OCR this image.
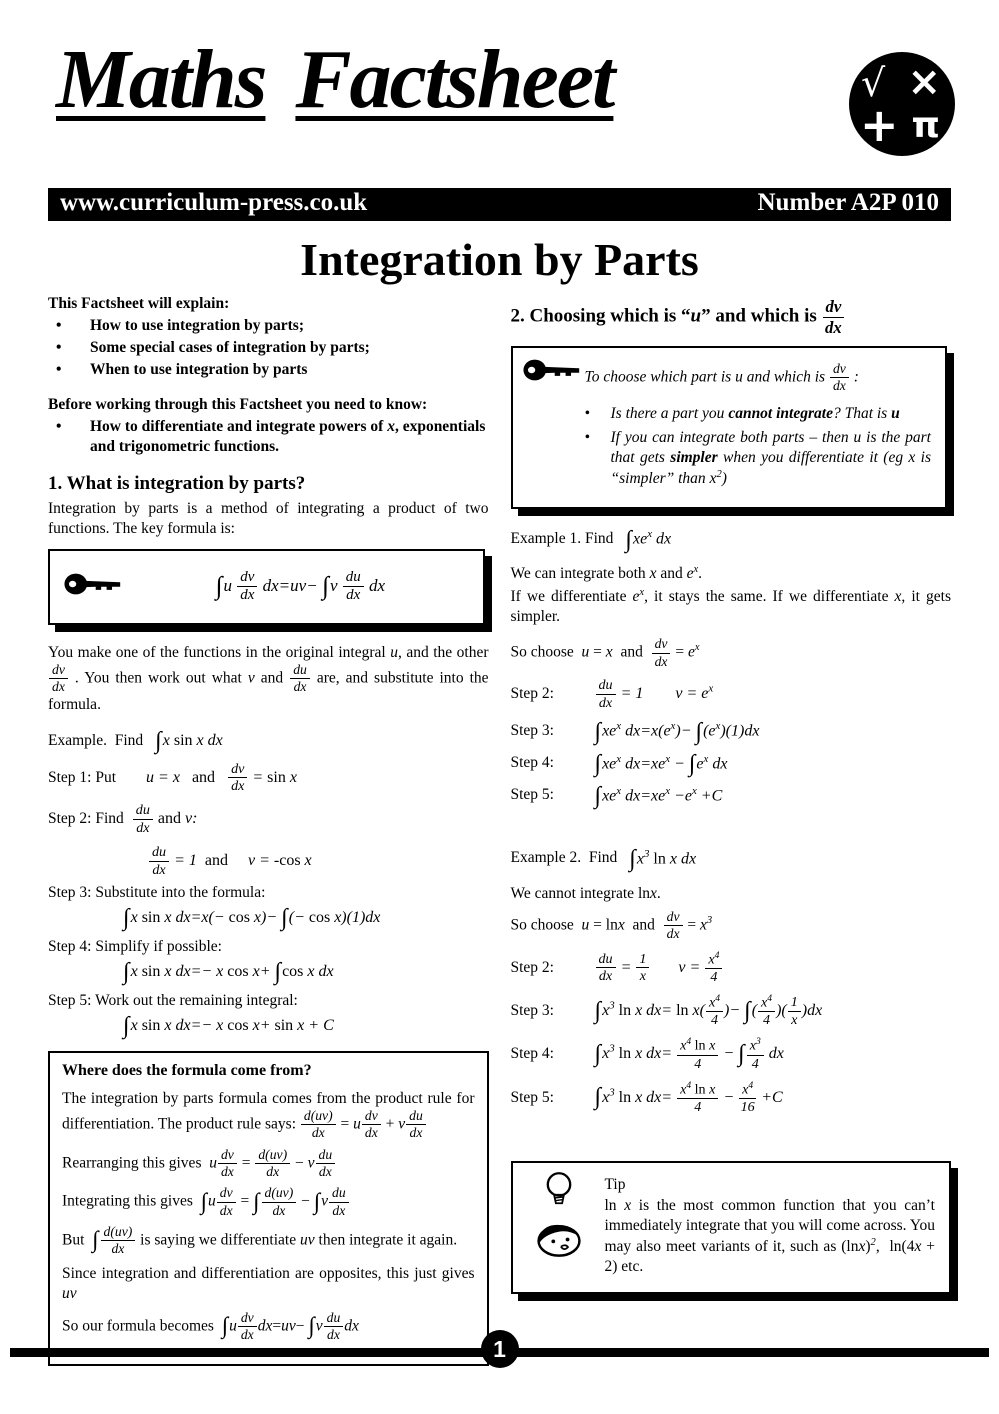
Maths Factsheet	√ ×
+ π
www.curriculum-press.co.uk	Number A2P 010
Integration by Parts
This Factsheet will explain:
•	How to use integration by parts;
•	Some special cases of integration by parts;
•	When to use integration by parts
Before working through this Factsheet you need to know:
•	How to differentiate and integrate powers of x, exponentials and trigonometric functions.
1. What is integration by parts?

Integration by parts is a method of integrating a product of two functions. The key formula is:

$\int u \frac{dv}{dx} dx=uv- \int v \frac{du}{dx}$ dx

You make one of the functions in the original integral u, and the other
$\frac{dv}{dx}$ . You then work out what v and $\frac{du}{dx}$ are, and substitute into the formula.

Example.  Find ∫x sin x dx
Step 1: Put u = x   and $\frac{dv}{dx} = \sin x$
Step 2: Find $\frac{du}{dx}$ and v:
$\frac{du}{dx} = 1$  and     v = -cos x
Step 3: Substitute into the formula:
∫x sin x dx=x(− cos x)− ∫(− cos x)(1)dx
Step 4: Simplify if possible:
∫x sin x dx=− x cos x+ ∫cos x dx
Step 5: Work out the remaining integral:
∫x sin x dx=− x cos x+ sin x + C
Where does the formula come from?

The integration by parts formula comes from the product rule for differentiation. The product rule says: $\frac{d(uv)}{dx} = u \frac{dv}{dx} + v \frac{du}{dx}$

Rearranging this gives  u $\frac{dv}{dx} = \frac{d(uv)}{dx} - v \frac{du}{dx}$

Integrating this gives  $\int u \frac{dv}{dx}$ = ∫ $\frac{d(uv)}{dx} - \int v \frac{du}{dx}$

But  ∫ $\frac{d(uv)}{dx}$ is saying we differentiate uv then integrate it again.

Since integration and differentiation are opposites, this just gives uv

So our formula becomes  $\int u \frac{dv}{dx} dx=uv- \int v \frac{du}{dx}$ dx

2. Choosing which is “u” and which is $\frac{dv}{dx}$
To choose which part is u and which is $\frac{dv}{dx}$ :
•	Is there a part you cannot integrate? That is u
•	If you can integrate both parts – then u is the part that gets simpler when you differentiate it (eg x is “simpler” than $x^2$)
Example 1. Find $\int xe^x$ dx

We can integrate both x and $e^x$.

If we differentiate $e^x$, it stays the same. If we differentiate x, it gets simpler.

So choose  u = x and $\frac{dv}{dx} = e^x$
Step 2:	$\frac{du}{dx} = 1$        $v = e^x$
Step 3:	$\int xe^x$ $dx=x(e^x)- \int(e^x)(1)dx$
Step 4:	$\int xe^x$ $dx=xe^x - \int e^x$ dx
Step 5:	$\int xe^x$ $dx=xe^x -e^x +C$
Example 2.  Find $\int x^3$ ln x dx

We cannot integrate lnx.

So choose  u = lnx and $\frac{dv}{dx} = x^3$
Step 2:	$\frac{du}{dx} = \frac{1}{x}$ $v = \frac{x^4}{4}$
Step 3:	$\int x^3$ ln x $dx= \ln x( \frac{x^4}{4}$ )− ∫( $\frac{x^4}{4}$ )( $\frac{1}{x} )dx$
Step 4:	$\int x^3$ ln x $dx= \frac{x^4 \ln x}{4}$ − ∫ $\frac{x^3}{4}$ dx
Step 5:	$\int x^3$ ln x $dx= \frac{x^4 \ln x}{4} - \frac{x^4}{16} +C$

Tip
ln x is the most common function that you can’t immediately integrate that you will come across. You may also meet variants of it, such as $(\ln x)^2$,  ln(4x + 2) etc.
1
